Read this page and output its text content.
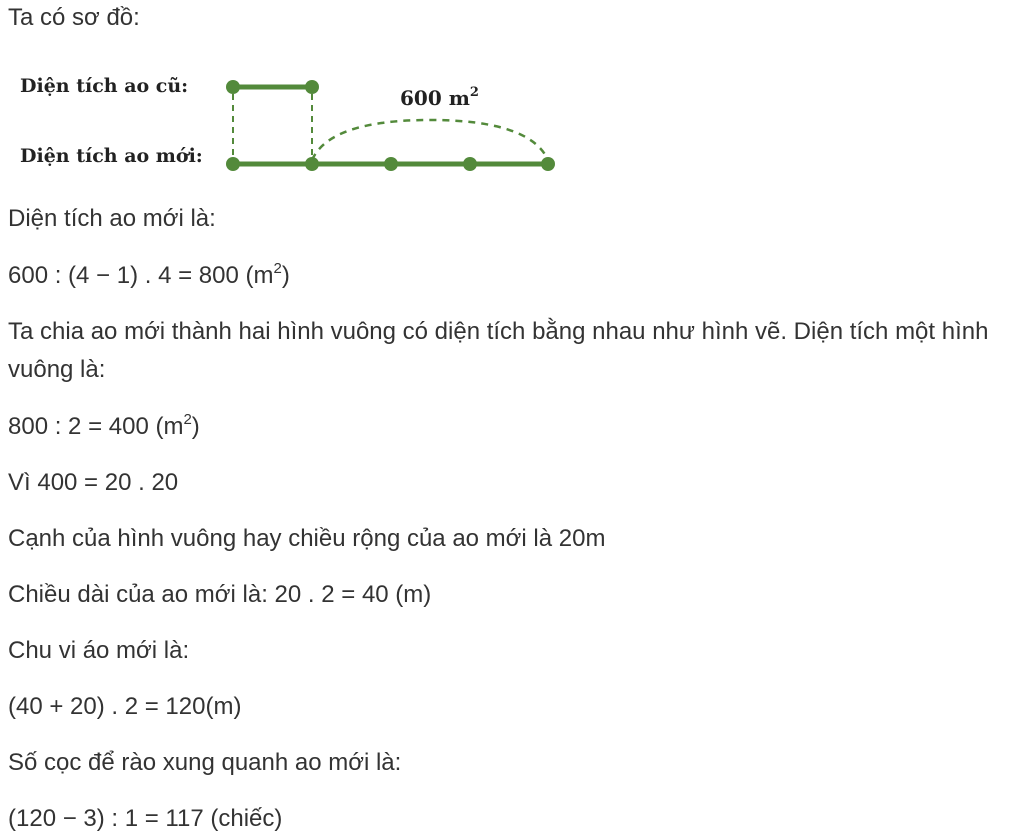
Ta có sơ đồ:

Diện tích ao cũ:
Diện tích ao mới:
600 $m^2$

Diện tích ao mới là:

600 : (4 − 1) . 4 = 800 $(m^2)$

Ta chia ao mới thành hai hình vuông có diện tích bằng nhau như hình vẽ. Diện tích một hình vuông là:

800 : 2 = 400 $(m^2)$

Vì 400 = 20 . 20

Cạnh của hình vuông hay chiều rộng của ao mới là 20m

Chiều dài của ao mới là: 20 . 2 = 40 (m)

Chu vi áo mới là:

(40 + 20) . 2 = 120(m)

Số cọc để rào xung quanh ao mới là:

(120 − 3) : 1 = 117 (chiếc)
